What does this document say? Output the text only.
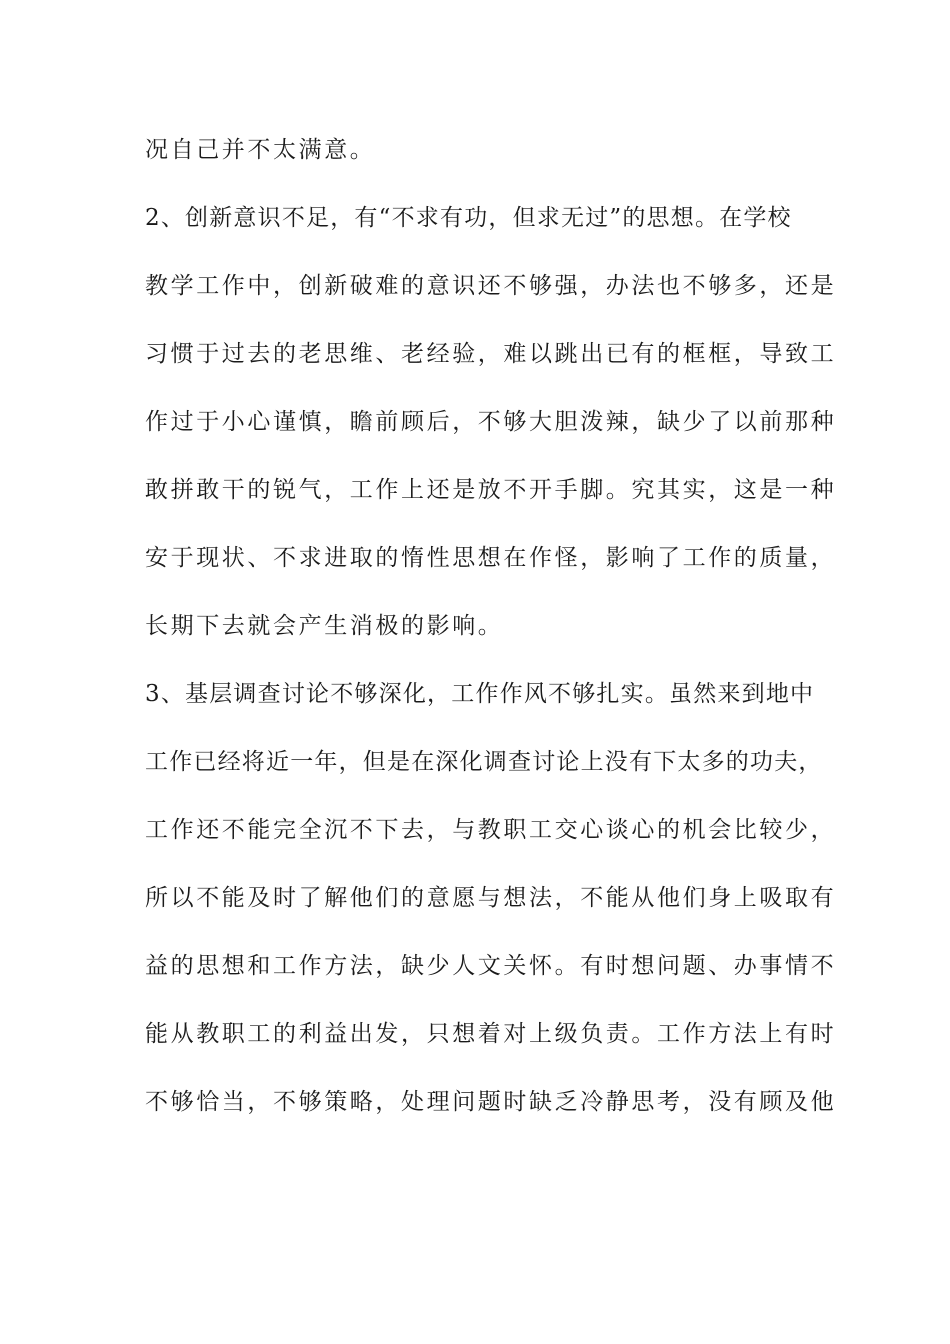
况自己并不太满意。
2、创新意识不足，有“不求有功，但求无过”的思想。在学校
教学工作中，创新破难的意识还不够强，办法也不够多，还是
习惯于过去的老思维、老经验，难以跳出已有的框框，导致工
作过于小心谨慎，瞻前顾后，不够大胆泼辣，缺少了以前那种
敢拼敢干的锐气，工作上还是放不开手脚。究其实，这是一种
安于现状、不求进取的惰性思想在作怪，影响了工作的质量，
长期下去就会产生消极的影响。
3、基层调查讨论不够深化，工作作风不够扎实。虽然来到地中
工作已经将近一年，但是在深化调查讨论上没有下太多的功夫，
工作还不能完全沉不下去，与教职工交心谈心的机会比较少，
所以不能及时了解他们的意愿与想法，不能从他们身上吸取有
益的思想和工作方法，缺少人文关怀。有时想问题、办事情不
能从教职工的利益出发，只想着对上级负责。工作方法上有时
不够恰当，不够策略，处理问题时缺乏冷静思考，没有顾及他
